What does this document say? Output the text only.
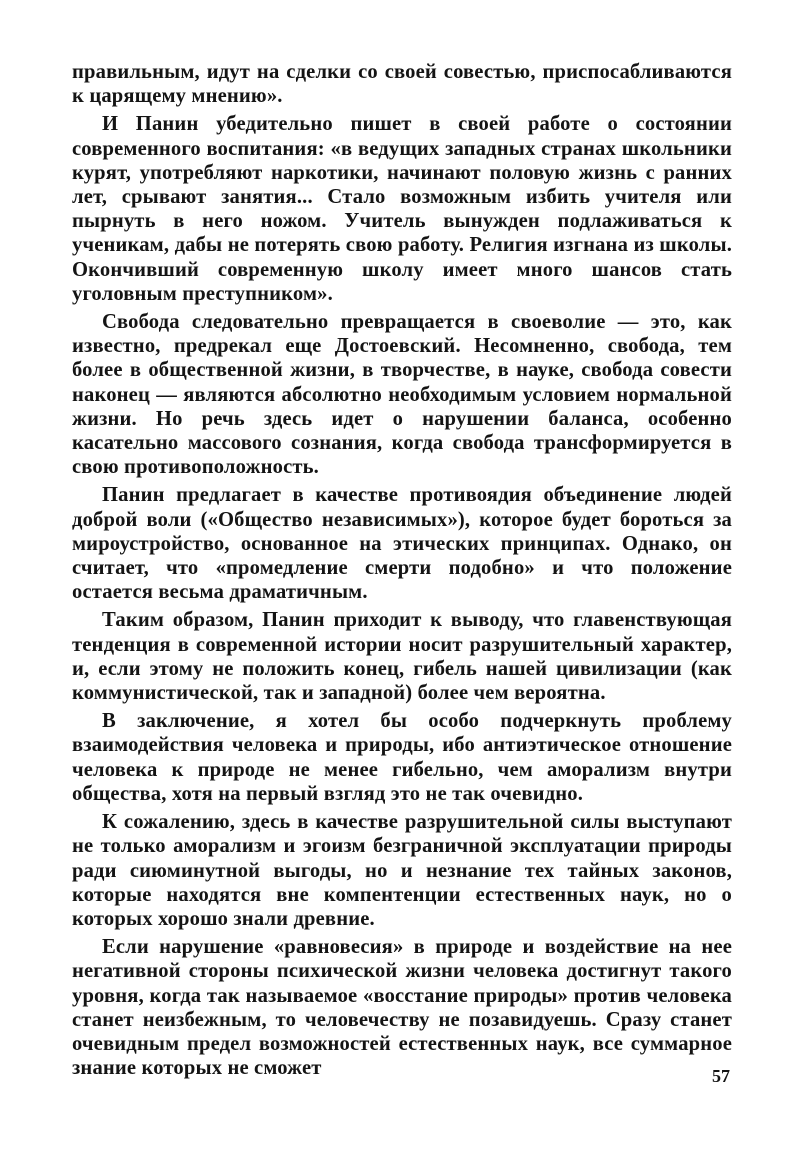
правильным, идут на сделки со своей совестью, приспосабливаются к царящему мнению».

И Панин убедительно пишет в своей работе о состоянии современного воспитания: «в ведущих западных странах школьники курят, употребляют наркотики, начинают половую жизнь с ранних лет, срывают занятия... Стало возможным избить учителя или пырнуть в него ножом. Учитель вынужден подлаживаться к ученикам, дабы не потерять свою работу. Религия изгнана из школы. Окончивший современную школу имеет много шансов стать уголовным преступником».

Свобода следовательно превращается в своеволие — это, как известно, предрекал еще Достоевский. Несомненно, свобода, тем более в общественной жизни, в творчестве, в науке, свобода совести наконец — являются абсолютно необходимым условием нормальной жизни. Но речь здесь идет о нарушении баланса, особенно касательно массового сознания, когда свобода трансформируется в свою противоположность.

Панин предлагает в качестве противоядия объединение людей доброй воли («Общество независимых»), которое будет бороться за мироустройство, основанное на этических принципах. Однако, он считает, что «промедление смерти подобно» и что положение остается весьма драматичным.

Таким образом, Панин приходит к выводу, что главенствующая тенденция в современной истории носит разрушительный характер, и, если этому не положить конец, гибель нашей цивилизации (как коммунистической, так и западной) более чем вероятна.

В заключение, я хотел бы особо подчеркнуть проблему взаимодействия человека и природы, ибо антиэтическое отношение человека к природе не менее гибельно, чем аморализм внутри общества, хотя на первый взгляд это не так очевидно.

К сожалению, здесь в качестве разрушительной силы выступают не только аморализм и эгоизм безграничной эксплуатации природы ради сиюминутной выгоды, но и незнание тех тайных законов, которые находятся вне компентенции естественных наук, но о которых хорошо знали древние.

Если нарушение «равновесия» в природе и воздействие на нее негативной стороны психической жизни человека достигнут такого уровня, когда так называемое «восстание природы» против человека станет неизбежным, то человечеству не позавидуешь. Сразу станет очевидным предел возможностей естественных наук, все суммарное знание которых не сможет	57
